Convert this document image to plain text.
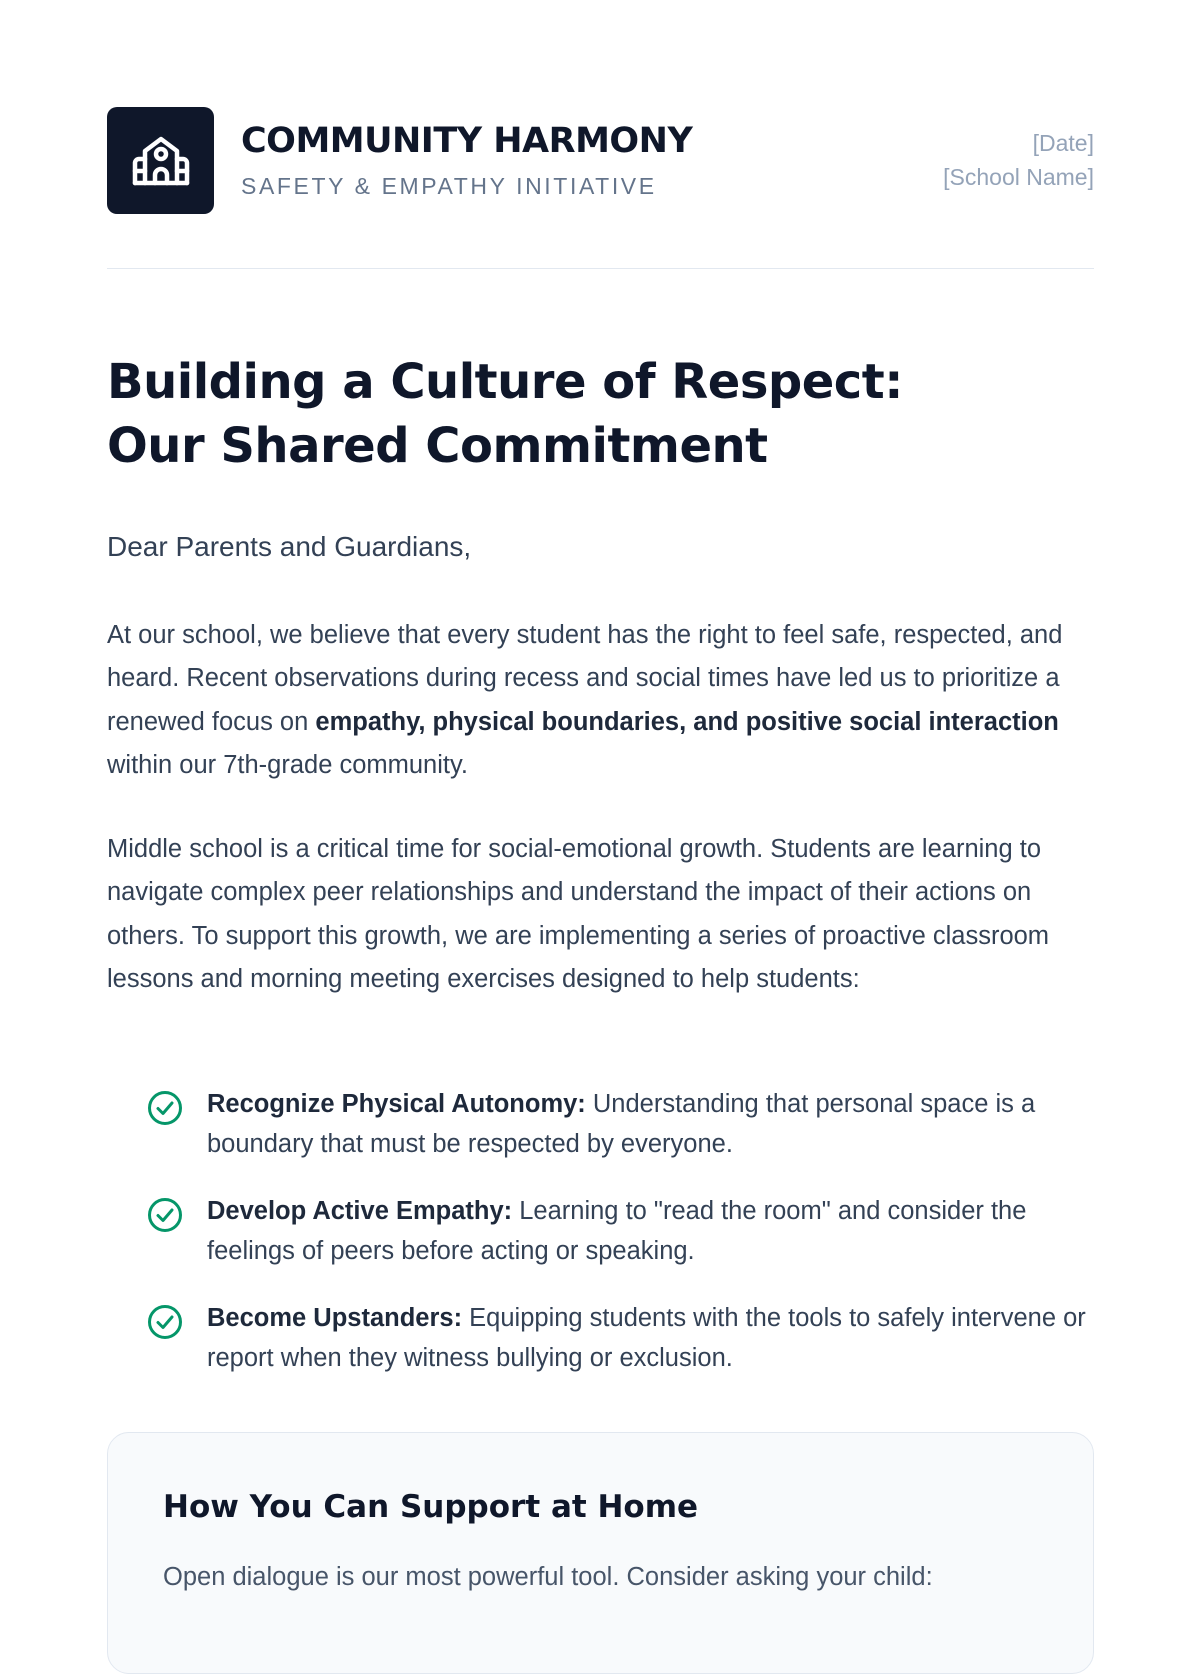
COMMUNITY HARMONY
SAFETY & EMPATHY INITIATIVE
[Date]
[School Name]
Building a Culture of Respect:
Our Shared Commitment
Dear Parents and Guardians,

At our school, we believe that every student has the right to feel safe, respected, and heard. Recent observations during recess and social times have led us to prioritize a renewed focus on empathy, physical boundaries, and positive social interaction within our 7th-grade community.

Middle school is a critical time for social-emotional growth. Students are learning to navigate complex peer relationships and understand the impact of their actions on others. To support this growth, we are implementing a series of proactive classroom lessons and morning meeting exercises designed to help students:

Recognize Physical Autonomy: Understanding that personal space is a boundary that must be respected by everyone.
Develop Active Empathy: Learning to "read the room" and consider the feelings of peers before acting or speaking.
Become Upstanders: Equipping students with the tools to safely intervene or report when they witness bullying or exclusion.
How You Can Support at Home

Open dialogue is our most powerful tool. Consider asking your child:
